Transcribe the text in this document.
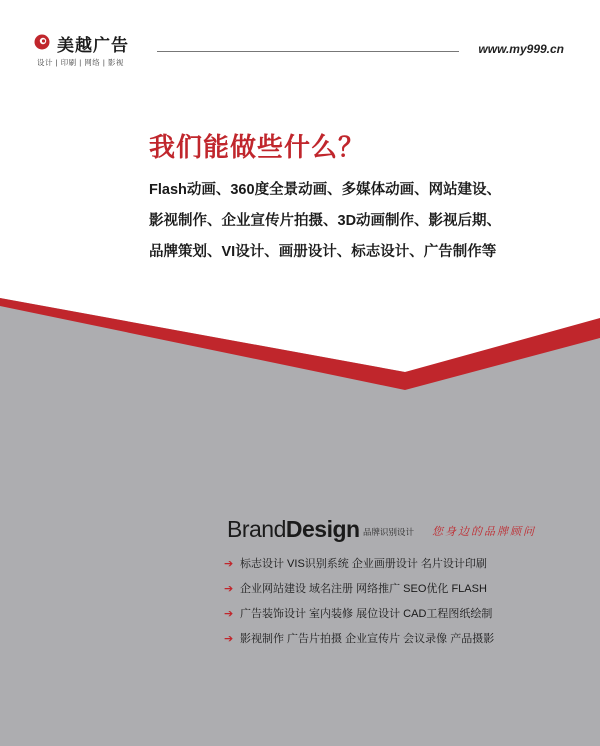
美越广告
设计 | 印刷 | 网络 | 影视
www.my999.cn
我们能做些什么？
Flash动画、360度全景动画、多媒体动画、网站建设、
影视制作、企业宣传片拍摄、3D动画制作、影视后期、
品牌策划、VI设计、画册设计、标志设计、广告制作等
BrandDesign 品牌识别设计 您身边的品牌顾问
➔ 标志设计 VIS识别系统 企业画册设计 名片设计印刷
➔ 企业网站建设 域名注册 网络推广 SEO优化 FLASH
➔ 广告装饰设计 室内装修 展位设计 CAD工程图纸绘制
➔ 影视制作 广告片拍摄 企业宣传片 会议录像 产品摄影
